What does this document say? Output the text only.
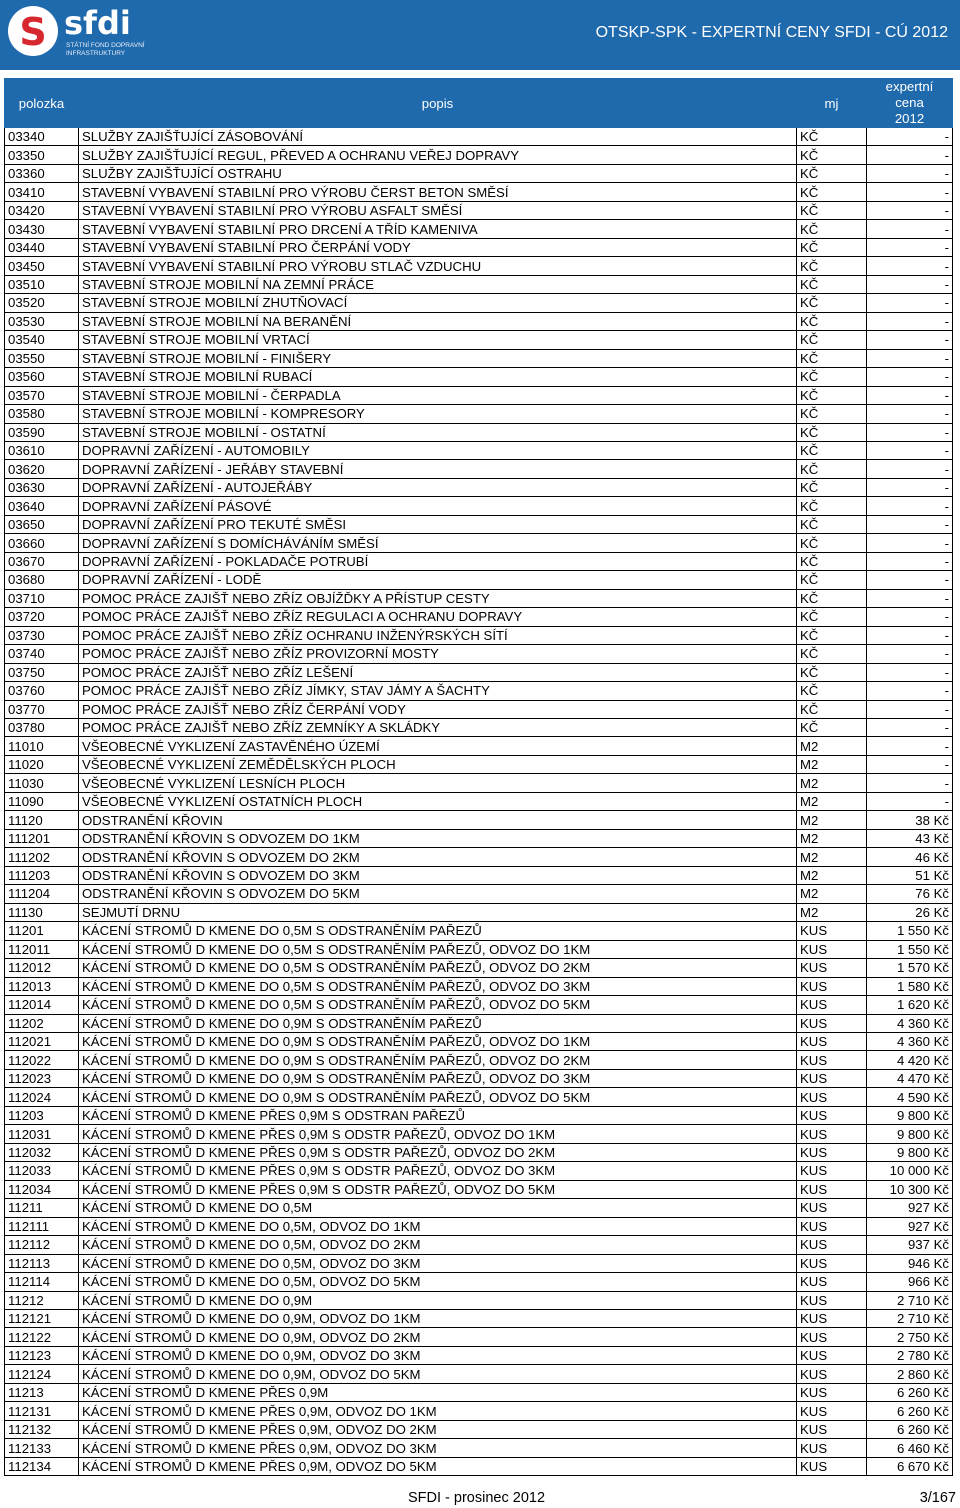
S sfdi
STÁTNÍ FOND DOPRAVNÍ INFRASTRUKTURY
OTSKP-SPK - EXPERTNÍ CENY SFDI - CÚ 2012
polozka	popis	mj	expertní cena
2012

03340	SLUŽBY ZAJIŠŤUJÍCÍ ZÁSOBOVÁNÍ	KČ	-
03350	SLUŽBY ZAJIŠŤUJÍCÍ REGUL, PŘEVED A OCHRANU VEŘEJ DOPRAVY	KČ	-
03360	SLUŽBY ZAJIŠŤUJÍCÍ OSTRAHU	KČ	-
03410	STAVEBNÍ VYBAVENÍ STABILNÍ PRO VÝROBU ČERST BETON SMĚSÍ	KČ	-
03420	STAVEBNÍ VYBAVENÍ STABILNÍ PRO VÝROBU ASFALT SMĚSÍ	KČ	-
03430	STAVEBNÍ VYBAVENÍ STABILNÍ PRO DRCENÍ A TŘÍD KAMENIVA	KČ	-
03440	STAVEBNÍ VYBAVENÍ STABILNÍ PRO ČERPÁNÍ VODY	KČ	-
03450	STAVEBNÍ VYBAVENÍ STABILNÍ PRO VÝROBU STLAČ VZDUCHU	KČ	-
03510	STAVEBNÍ STROJE MOBILNÍ NA ZEMNÍ PRÁCE	KČ	-
03520	STAVEBNÍ STROJE MOBILNÍ ZHUTŇOVACÍ	KČ	-
03530	STAVEBNÍ STROJE MOBILNÍ NA BERANĚNÍ	KČ	-
03540	STAVEBNÍ STROJE MOBILNÍ VRTACÍ	KČ	-
03550	STAVEBNÍ STROJE MOBILNÍ - FINIŠERY	KČ	-
03560	STAVEBNÍ STROJE MOBILNÍ RUBACÍ	KČ	-
03570	STAVEBNÍ STROJE MOBILNÍ - ČERPADLA	KČ	-
03580	STAVEBNÍ STROJE MOBILNÍ - KOMPRESORY	KČ	-
03590	STAVEBNÍ STROJE MOBILNÍ - OSTATNÍ	KČ	-
03610	DOPRAVNÍ ZAŘÍZENÍ - AUTOMOBILY	KČ	-
03620	DOPRAVNÍ ZAŘÍZENÍ - JEŘÁBY STAVEBNÍ	KČ	-
03630	DOPRAVNÍ ZAŘÍZENÍ - AUTOJEŘÁBY	KČ	-
03640	DOPRAVNÍ ZAŘÍZENÍ PÁSOVÉ	KČ	-
03650	DOPRAVNÍ ZAŘÍZENÍ PRO TEKUTÉ SMĚSI	KČ	-
03660	DOPRAVNÍ ZAŘÍZENÍ S DOMÍCHÁVÁNÍM SMĚSÍ	KČ	-
03670	DOPRAVNÍ ZAŘÍZENÍ - POKLADAČE POTRUBÍ	KČ	-
03680	DOPRAVNÍ ZAŘÍZENÍ - LODĚ	KČ	-
03710	POMOC PRÁCE ZAJIŠŤ NEBO ZŘÍZ OBJÍŽĎKY A PŘÍSTUP CESTY	KČ	-
03720	POMOC PRÁCE ZAJIŠŤ NEBO ZŘÍZ REGULACI A OCHRANU DOPRAVY	KČ	-
03730	POMOC PRÁCE ZAJIŠŤ NEBO ZŘÍZ OCHRANU INŽENÝRSKÝCH SÍTÍ	KČ	-
03740	POMOC PRÁCE ZAJIŠŤ NEBO ZŘÍZ PROVIZORNÍ MOSTY	KČ	-
03750	POMOC PRÁCE ZAJIŠŤ NEBO ZŘÍZ LEŠENÍ	KČ	-
03760	POMOC PRÁCE ZAJIŠŤ NEBO ZŘÍZ JÍMKY, STAV JÁMY A ŠACHTY	KČ	-
03770	POMOC PRÁCE ZAJIŠŤ NEBO ZŘÍZ ČERPÁNÍ VODY	KČ	-
03780	POMOC PRÁCE ZAJIŠŤ NEBO ZŘÍZ ZEMNÍKY A SKLÁDKY	KČ	-
11010	VŠEOBECNÉ VYKLIZENÍ ZASTAVĚNÉHO ÚZEMÍ	M2	-
11020	VŠEOBECNÉ VYKLIZENÍ ZEMĚDĚLSKÝCH PLOCH	M2	-
11030	VŠEOBECNÉ VYKLIZENÍ LESNÍCH PLOCH	M2	-
11090	VŠEOBECNÉ VYKLIZENÍ OSTATNÍCH PLOCH	M2	-
11120	ODSTRANĚNÍ KŘOVIN	M2	38 Kč
111201	ODSTRANĚNÍ KŘOVIN S ODVOZEM DO 1KM	M2	43 Kč
111202	ODSTRANĚNÍ KŘOVIN S ODVOZEM DO 2KM	M2	46 Kč
111203	ODSTRANĚNÍ KŘOVIN S ODVOZEM DO 3KM	M2	51 Kč
111204	ODSTRANĚNÍ KŘOVIN S ODVOZEM DO 5KM	M2	76 Kč
11130	SEJMUTÍ DRNU	M2	26 Kč
11201	KÁCENÍ STROMŮ D KMENE DO 0,5M S ODSTRANĚNÍM PAŘEZŮ	KUS	1 550 Kč
112011	KÁCENÍ STROMŮ D KMENE DO 0,5M S ODSTRANĚNÍM PAŘEZŮ, ODVOZ DO 1KM	KUS	1 550 Kč
112012	KÁCENÍ STROMŮ D KMENE DO 0,5M S ODSTRANĚNÍM PAŘEZŮ, ODVOZ DO 2KM	KUS	1 570 Kč
112013	KÁCENÍ STROMŮ D KMENE DO 0,5M S ODSTRANĚNÍM PAŘEZŮ, ODVOZ DO 3KM	KUS	1 580 Kč
112014	KÁCENÍ STROMŮ D KMENE DO 0,5M S ODSTRANĚNÍM PAŘEZŮ, ODVOZ DO 5KM	KUS	1 620 Kč
11202	KÁCENÍ STROMŮ D KMENE DO 0,9M S ODSTRANĚNÍM PAŘEZŮ	KUS	4 360 Kč
112021	KÁCENÍ STROMŮ D KMENE DO 0,9M S ODSTRANĚNÍM PAŘEZŮ, ODVOZ DO 1KM	KUS	4 360 Kč
112022	KÁCENÍ STROMŮ D KMENE DO 0,9M S ODSTRANĚNÍM PAŘEZŮ, ODVOZ DO 2KM	KUS	4 420 Kč
112023	KÁCENÍ STROMŮ D KMENE DO 0,9M S ODSTRANĚNÍM PAŘEZŮ, ODVOZ DO 3KM	KUS	4 470 Kč
112024	KÁCENÍ STROMŮ D KMENE DO 0,9M S ODSTRANĚNÍM PAŘEZŮ, ODVOZ DO 5KM	KUS	4 590 Kč
11203	KÁCENÍ STROMŮ D KMENE PŘES 0,9M S ODSTRAN PAŘEZŮ	KUS	9 800 Kč
112031	KÁCENÍ STROMŮ D KMENE PŘES 0,9M S ODSTR PAŘEZŮ, ODVOZ DO 1KM	KUS	9 800 Kč
112032	KÁCENÍ STROMŮ D KMENE PŘES 0,9M S ODSTR PAŘEZŮ, ODVOZ DO 2KM	KUS	9 800 Kč
112033	KÁCENÍ STROMŮ D KMENE PŘES 0,9M S ODSTR PAŘEZŮ, ODVOZ DO 3KM	KUS	10 000 Kč
112034	KÁCENÍ STROMŮ D KMENE PŘES 0,9M S ODSTR PAŘEZŮ, ODVOZ DO 5KM	KUS	10 300 Kč
11211	KÁCENÍ STROMŮ D KMENE DO 0,5M	KUS	927 Kč
112111	KÁCENÍ STROMŮ D KMENE DO 0,5M, ODVOZ DO 1KM	KUS	927 Kč
112112	KÁCENÍ STROMŮ D KMENE DO 0,5M, ODVOZ DO 2KM	KUS	937 Kč
112113	KÁCENÍ STROMŮ D KMENE DO 0,5M, ODVOZ DO 3KM	KUS	946 Kč
112114	KÁCENÍ STROMŮ D KMENE DO 0,5M, ODVOZ DO 5KM	KUS	966 Kč
11212	KÁCENÍ STROMŮ D KMENE DO 0,9M	KUS	2 710 Kč
112121	KÁCENÍ STROMŮ D KMENE DO 0,9M, ODVOZ DO 1KM	KUS	2 710 Kč
112122	KÁCENÍ STROMŮ D KMENE DO 0,9M, ODVOZ DO 2KM	KUS	2 750 Kč
112123	KÁCENÍ STROMŮ D KMENE DO 0,9M, ODVOZ DO 3KM	KUS	2 780 Kč
112124	KÁCENÍ STROMŮ D KMENE DO 0,9M, ODVOZ DO 5KM	KUS	2 860 Kč
11213	KÁCENÍ STROMŮ D KMENE PŘES 0,9M	KUS	6 260 Kč
112131	KÁCENÍ STROMŮ D KMENE PŘES 0,9M, ODVOZ DO 1KM	KUS	6 260 Kč
112132	KÁCENÍ STROMŮ D KMENE PŘES 0,9M, ODVOZ DO 2KM	KUS	6 260 Kč
112133	KÁCENÍ STROMŮ D KMENE PŘES 0,9M, ODVOZ DO 3KM	KUS	6 460 Kč
112134	KÁCENÍ STROMŮ D KMENE PŘES 0,9M, ODVOZ DO 5KM	KUS	6 670 Kč
SFDI - prosinec 2012	3/167
